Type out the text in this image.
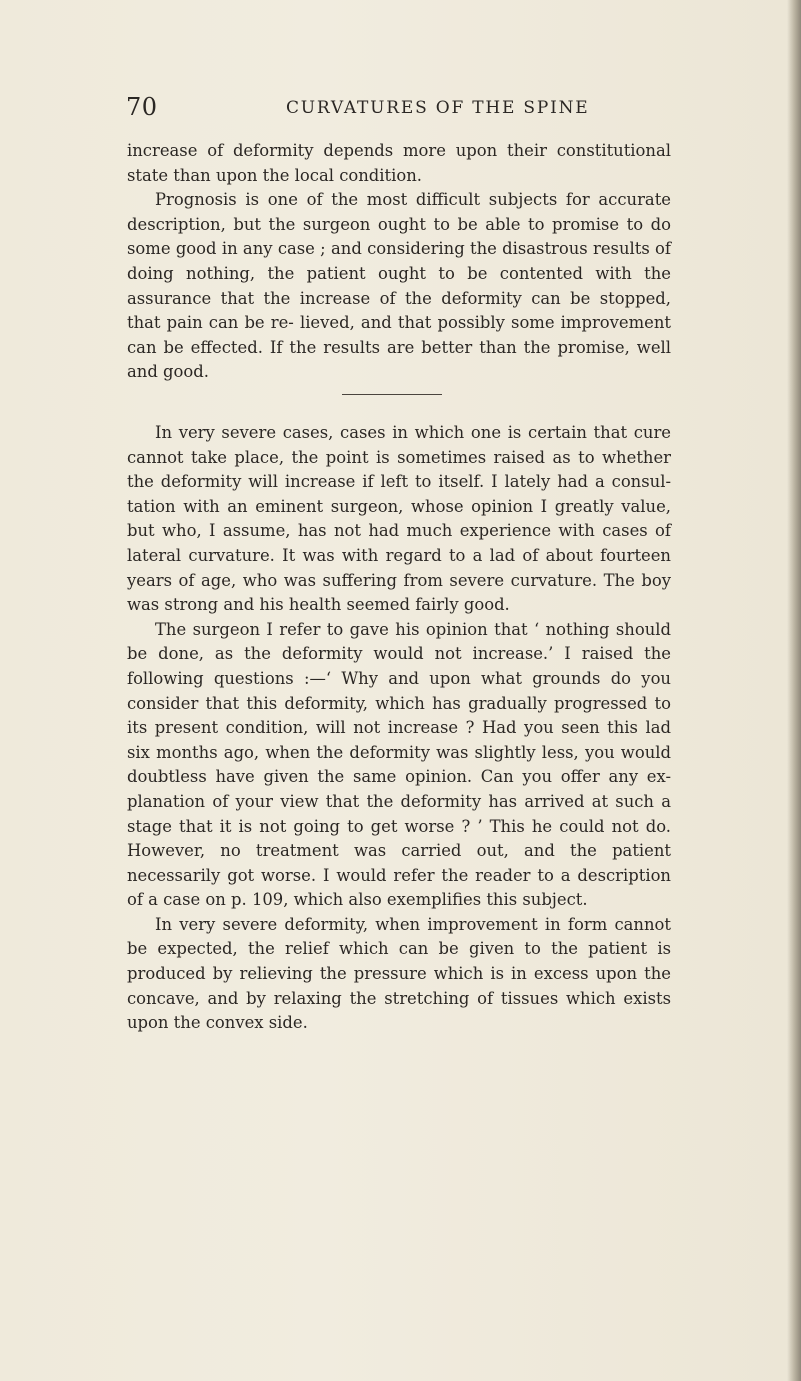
70	CURVATURES OF THE SPINE

increase of deformity depends more upon their constitutional state than upon the local condition.

Prognosis is one of the most difficult subjects for accurate description, but the surgeon ought to be able to promise to do some good in any case ; and considering the disastrous results of doing nothing, the patient ought to be contented with the assurance that the increase of the deformity can be stopped, that pain can be re- lieved, and that possibly some improvement can be effected. If the results are better than the promise, well and good.

In very severe cases, cases in which one is certain that cure cannot take place, the point is sometimes raised as to whether the deformity will increase if left to itself. I lately had a consul- tation with an eminent surgeon, whose opinion I greatly value, but who, I assume, has not had much experience with cases of lateral curvature. It was with regard to a lad of about fourteen years of age, who was suffering from severe curvature. The boy was strong and his health seemed fairly good.

The surgeon I refer to gave his opinion that ‘ nothing should be done, as the deformity would not increase.’ I raised the following questions :—‘ Why and upon what grounds do you consider that this deformity, which has gradually progressed to its present condition, will not increase ? Had you seen this lad six months ago, when the deformity was slightly less, you would doubtless have given the same opinion. Can you offer any ex- planation of your view that the deformity has arrived at such a stage that it is not going to get worse ? ’ This he could not do. However, no treatment was carried out, and the patient necessarily got worse. I would refer the reader to a description of a case on p. 109, which also exemplifies this subject.

In very severe deformity, when improvement in form cannot be expected, the relief which can be given to the patient is produced by relieving the pressure which is in excess upon the concave, and by relaxing the stretching of tissues which exists upon the convex side.
